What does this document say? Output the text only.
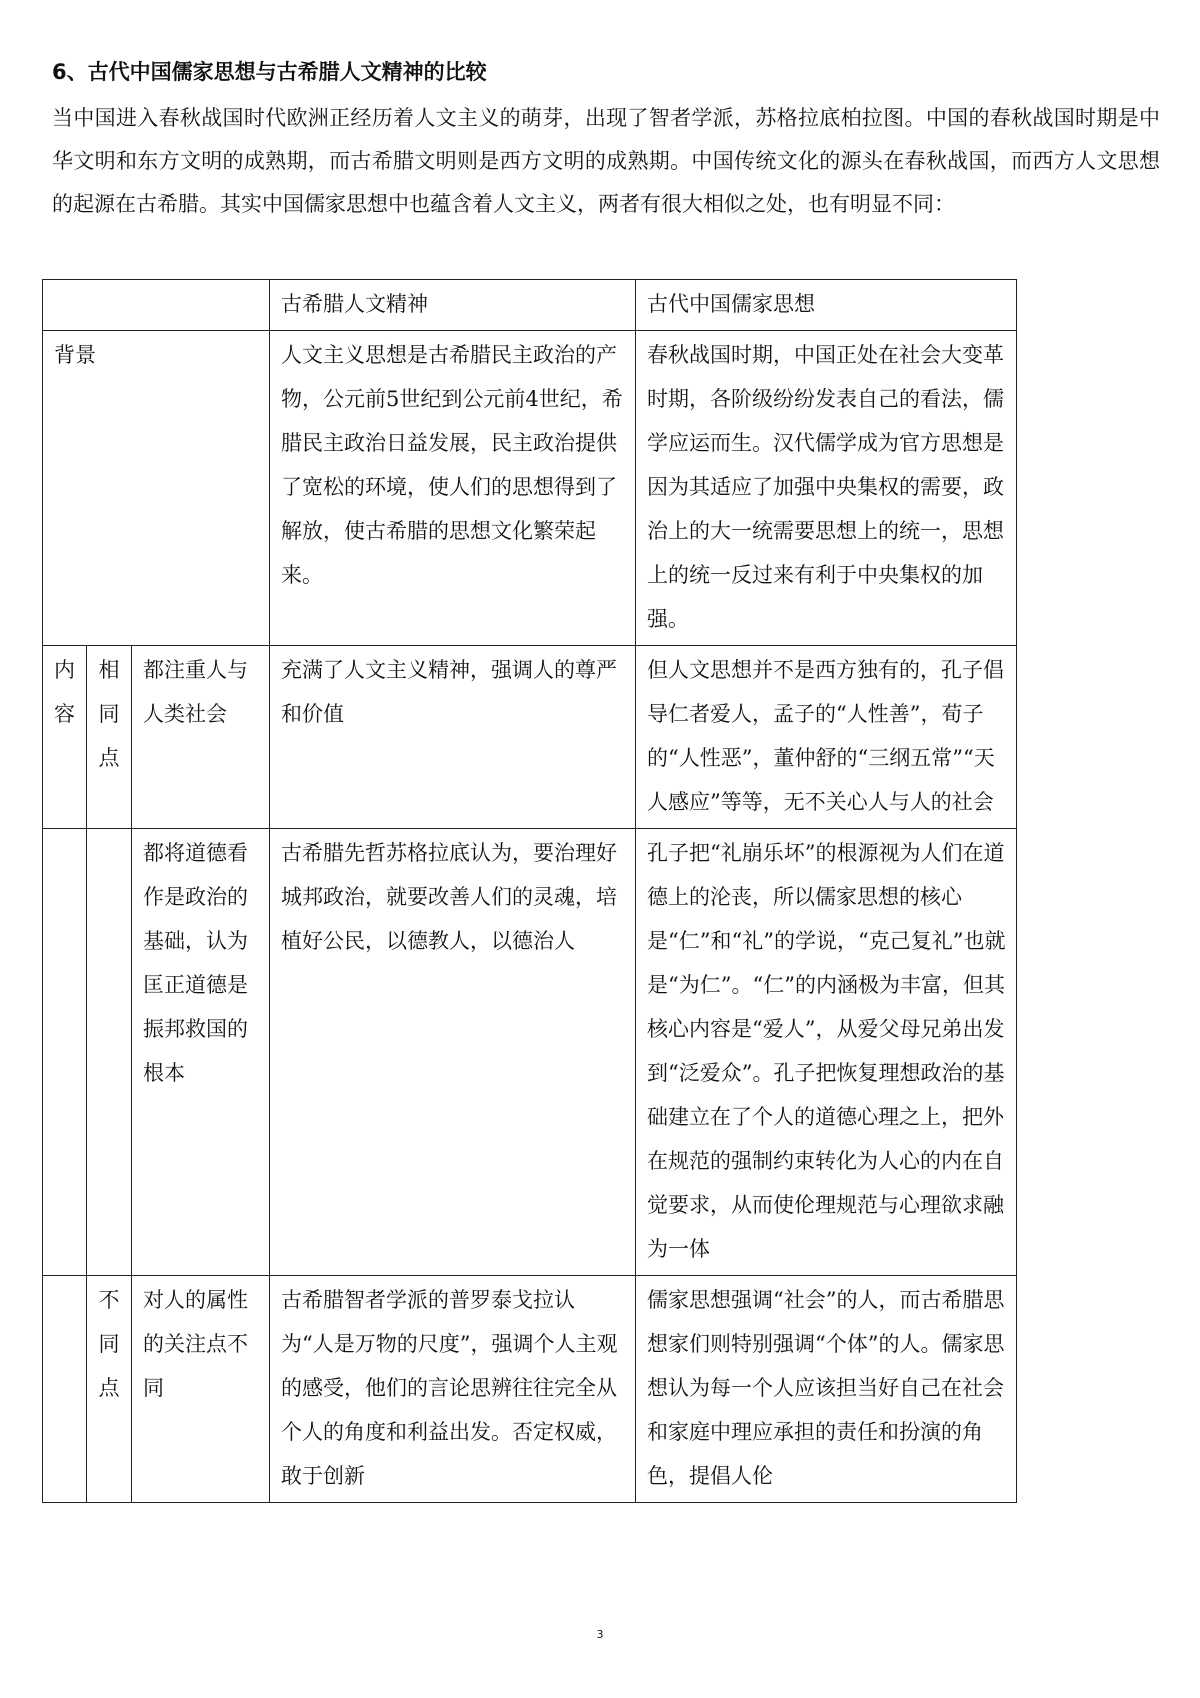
6、古代中国儒家思想与古希腊人文精神的比较
当中国进入春秋战国时代欧洲正经历着人文主义的萌芽，出现了智者学派，苏格拉底柏拉图。中国的春秋战国时期是中华文明和东方文明的成熟期，而古希腊文明则是西方文明的成熟期。中国传统文化的源头在春秋战国，而西方人文思想的起源在古希腊。其实中国儒家思想中也蕴含着人文主义，两者有很大相似之处，也有明显不同：
			古希腊人文精神	古代中国儒家思想
背景			人文主义思想是古希腊民主政治的产物，公元前5世纪到公元前4世纪，希腊民主政治日益发展，民主政治提供了宽松的环境，使人们的思想得到了解放，使古希腊的思想文化繁荣起来。	春秋战国时期，中国正处在社会大变革时期，各阶级纷纷发表自己的看法，儒学应运而生。汉代儒学成为官方思想是因为其适应了加强中央集权的需要，政治上的大一统需要思想上的统一，思想上的统一反过来有利于中央集权的加强。
内容	相同点	都注重人与人类社会	充满了人文主义精神，强调人的尊严和价值	但人文思想并不是西方独有的，孔子倡导仁者爱人，孟子的“人性善”，荀子的“人性恶”，董仲舒的“三纲五常”“天人感应”等等，无不关心人与人的社会
		都将道德看作是政治的基础，认为匡正道德是振邦救国的根本	古希腊先哲苏格拉底认为，要治理好城邦政治，就要改善人们的灵魂，培植好公民，以德教人，以德治人	孔子把“礼崩乐坏”的根源视为人们在道德上的沦丧，所以儒家思想的核心是“仁”和“礼”的学说，“克己复礼”也就是“为仁”。“仁”的内涵极为丰富，但其核心内容是“爱人”，从爱父母兄弟出发到“泛爱众”。孔子把恢复理想政治的基础建立在了个人的道德心理之上，把外在规范的强制约束转化为人心的内在自觉要求，从而使伦理规范与心理欲求融为一体
	不同点	对人的属性的关注点不同	古希腊智者学派的普罗泰戈拉认为“人是万物的尺度”，强调个人主观的感受，他们的言论思辨往往完全从个人的角度和利益出发。否定权威，敢于创新	儒家思想强调“社会”的人，而古希腊思想家们则特别强调“个体”的人。儒家思想认为每一个人应该担当好自己在社会和家庭中理应承担的责任和扮演的角色，提倡人伦
3
